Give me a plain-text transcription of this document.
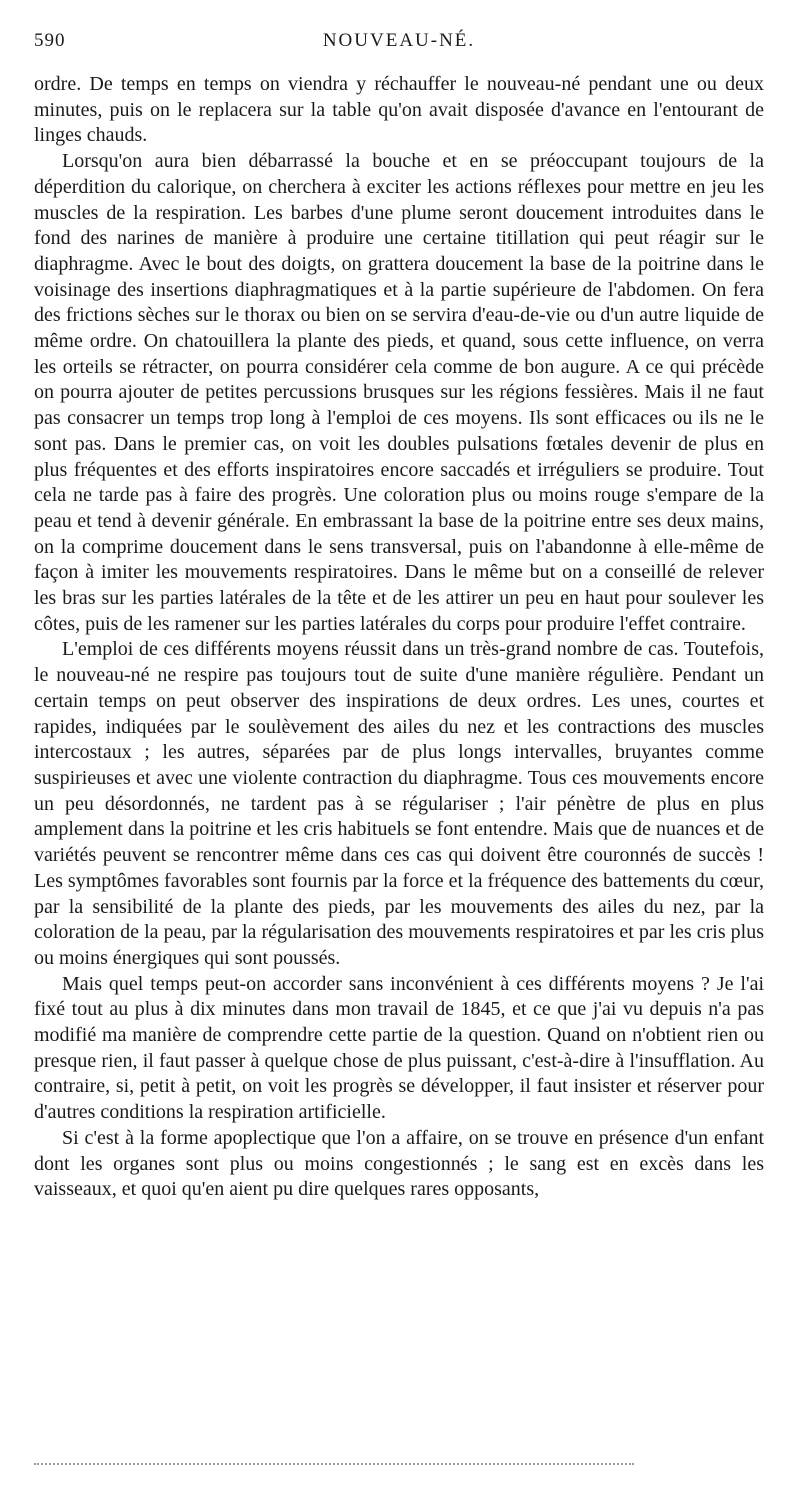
590	NOUVEAU-NÉ.

ordre. De temps en temps on viendra y réchauffer le nouveau-né pendant une ou deux minutes, puis on le replacera sur la table qu'on avait disposée d'avance en l'entourant de linges chauds.

Lorsqu'on aura bien débarrassé la bouche et en se préoccupant toujours de la déperdition du calorique, on cherchera à exciter les actions réflexes pour mettre en jeu les muscles de la respiration. Les barbes d'une plume seront doucement introduites dans le fond des narines de manière à produire une certaine titillation qui peut réagir sur le diaphragme. Avec le bout des doigts, on grattera doucement la base de la poitrine dans le voisinage des insertions diaphragmatiques et à la partie supérieure de l'abdomen. On fera des frictions sèches sur le thorax ou bien on se servira d'eau-de-vie ou d'un autre liquide de même ordre. On chatouillera la plante des pieds, et quand, sous cette influence, on verra les orteils se rétracter, on pourra considérer cela comme de bon augure. A ce qui précède on pourra ajouter de petites percussions brusques sur les régions fessières. Mais il ne faut pas consacrer un temps trop long à l'emploi de ces moyens. Ils sont efficaces ou ils ne le sont pas. Dans le premier cas, on voit les doubles pulsations fœtales devenir de plus en plus fréquentes et des efforts inspiratoires encore saccadés et irréguliers se produire. Tout cela ne tarde pas à faire des progrès. Une coloration plus ou moins rouge s'empare de la peau et tend à devenir générale. En embrassant la base de la poitrine entre ses deux mains, on la comprime doucement dans le sens transversal, puis on l'abandonne à elle-même de façon à imiter les mouvements respiratoires. Dans le même but on a conseillé de relever les bras sur les parties latérales de la tête et de les attirer un peu en haut pour soulever les côtes, puis de les ramener sur les parties latérales du corps pour produire l'effet contraire.

L'emploi de ces différents moyens réussit dans un très-grand nombre de cas. Toutefois, le nouveau-né ne respire pas toujours tout de suite d'une manière régulière. Pendant un certain temps on peut observer des inspirations de deux ordres. Les unes, courtes et rapides, indiquées par le soulèvement des ailes du nez et les contractions des muscles intercostaux ; les autres, séparées par de plus longs intervalles, bruyantes comme suspirieuses et avec une violente contraction du diaphragme. Tous ces mouvements encore un peu désordonnés, ne tardent pas à se régulariser ; l'air pénètre de plus en plus amplement dans la poitrine et les cris habituels se font entendre. Mais que de nuances et de variétés peuvent se rencontrer même dans ces cas qui doivent être couronnés de succès ! Les symptômes favorables sont fournis par la force et la fréquence des battements du cœur, par la sensibilité de la plante des pieds, par les mouvements des ailes du nez, par la coloration de la peau, par la régularisation des mouvements respiratoires et par les cris plus ou moins énergiques qui sont poussés.

Mais quel temps peut-on accorder sans inconvénient à ces différents moyens ? Je l'ai fixé tout au plus à dix minutes dans mon travail de 1845, et ce que j'ai vu depuis n'a pas modifié ma manière de comprendre cette partie de la question. Quand on n'obtient rien ou presque rien, il faut passer à quelque chose de plus puissant, c'est-à-dire à l'insufflation. Au contraire, si, petit à petit, on voit les progrès se développer, il faut insister et réserver pour d'autres conditions la respiration artificielle.

Si c'est à la forme apoplectique que l'on a affaire, on se trouve en présence d'un enfant dont les organes sont plus ou moins congestionnés ; le sang est en excès dans les vaisseaux, et quoi qu'en aient pu dire quelques rares opposants,
